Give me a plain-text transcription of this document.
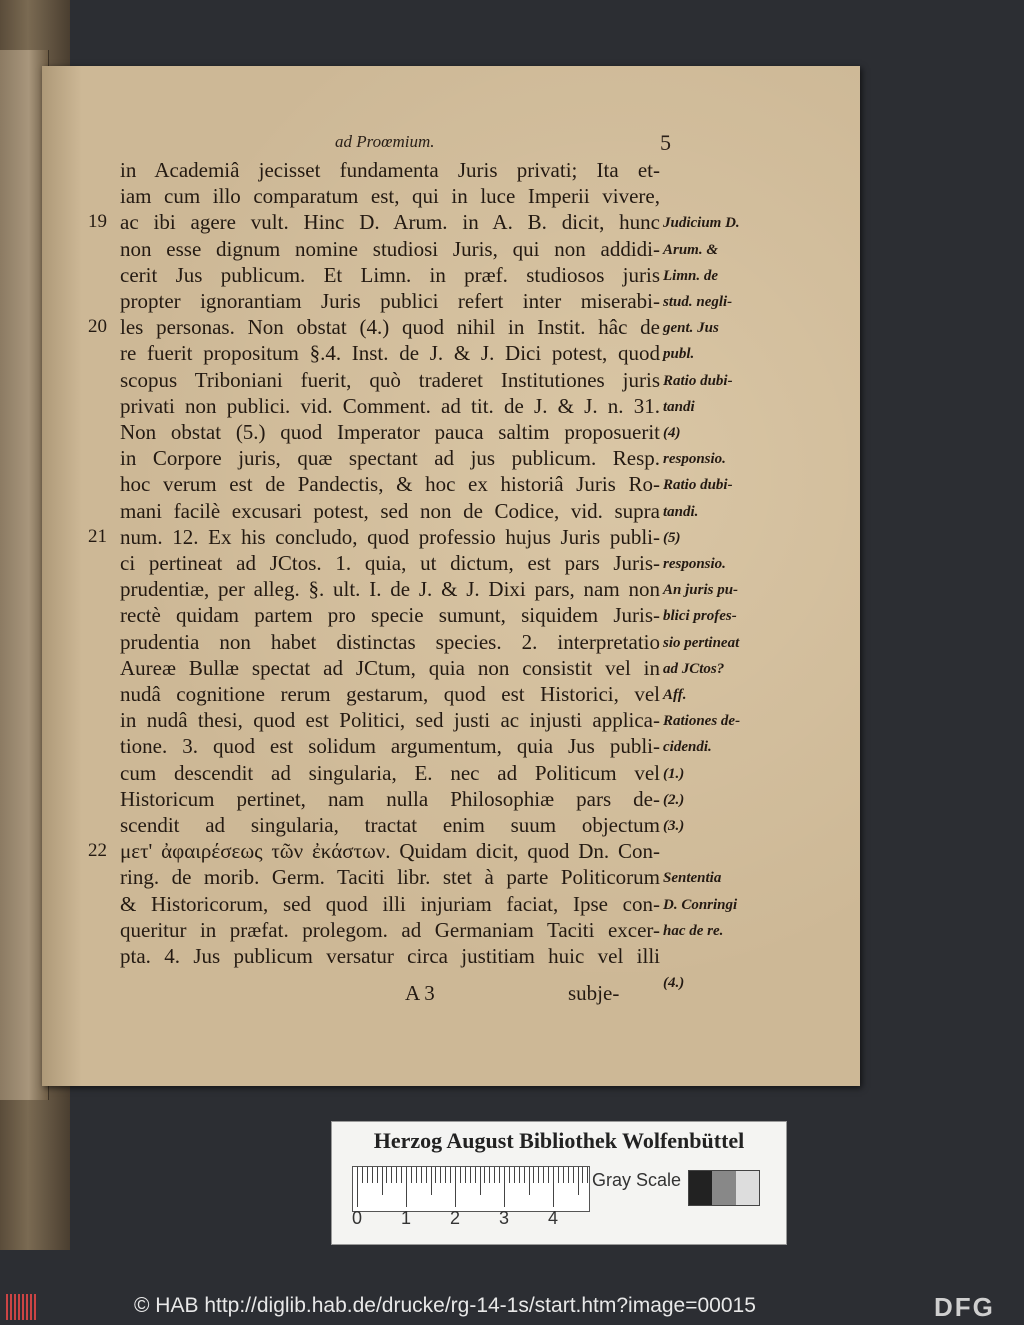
ad Proœmium.	5
in Academiâ jecisset fundamenta Juris privati; Ita et-
iam cum illo comparatum est, qui in luce Imperii vivere,
ac ibi agere vult. Hinc D. Arum. in A. B. dicit, hunc
non esse dignum nomine studiosi Juris, qui non addidi-
cerit Jus publicum. Et Limn. in præf. studiosos juris
propter ignorantiam Juris publici refert inter miserabi-
les personas. Non obstat (4.) quod nihil in Instit. hâc de
re fuerit propositum §.4. Inst. de J. & J. Dici potest, quod
scopus Triboniani fuerit, quò traderet Institutiones juris
privati non publici. vid. Comment. ad tit. de J. & J. n. 31.
Non obstat (5.) quod Imperator pauca saltim proposuerit
in Corpore juris, quæ spectant ad jus publicum. Resp.
hoc verum est de Pandectis, & hoc ex historiâ Juris Ro-
mani facilè excusari potest, sed non de Codice, vid. supra
num. 12. Ex his concludo, quod professio hujus Juris publi-
ci pertineat ad JCtos. 1. quia, ut dictum, est pars Juris-
prudentiæ, per alleg. §. ult. I. de J. & J. Dixi pars, nam non
rectè quidam partem pro specie sumunt, siquidem Juris-
prudentia non habet distinctas species. 2. interpretatio
Aureæ Bullæ spectat ad JCtum, quia non consistit vel in
nudâ cognitione rerum gestarum, quod est Historici, vel
in nudâ thesi, quod est Politici, sed justi ac injusti applica-
tione. 3. quod est solidum argumentum, quia Jus publi-
cum descendit ad singularia, E. nec ad Politicum vel
Historicum pertinet, nam nulla Philosophiæ pars de-
scendit ad singularia, tractat enim suum objectum
μετ' ἀφαιρέσεως τῶν ἐκάστων. Quidam dicit, quod Dn. Con-
ring. de morib. Germ. Taciti libr. stet à parte Politicorum
& Historicorum, sed quod illi injuriam faciat, Ipse con-
queritur in præfat. prolegom. ad Germaniam Taciti excer-
pta. 4. Jus publicum versatur circa justitiam huic vel illi
19
20
21
22
Judicium D.
Arum. &
Limn. de
stud. negli-
gent. Jus
publ.
Ratio dubi-
tandi
(4)
responsio.
Ratio dubi-
tandi.
(5)
responsio.
An juris pu-
blici profes-
sio pertineat
ad JCtos?
Aff.
Rationes de-
cidendi.
(1.)
(2.)
(3.)
Sententia
D. Conringi
hac de re.
(4.)
A 3	subje-
Herzog August Bibliothek Wolfenbüttel
0 1 2 3 4
Gray Scale
© HAB http://diglib.hab.de/drucke/rg-14-1s/start.htm?image=00015	DFG
